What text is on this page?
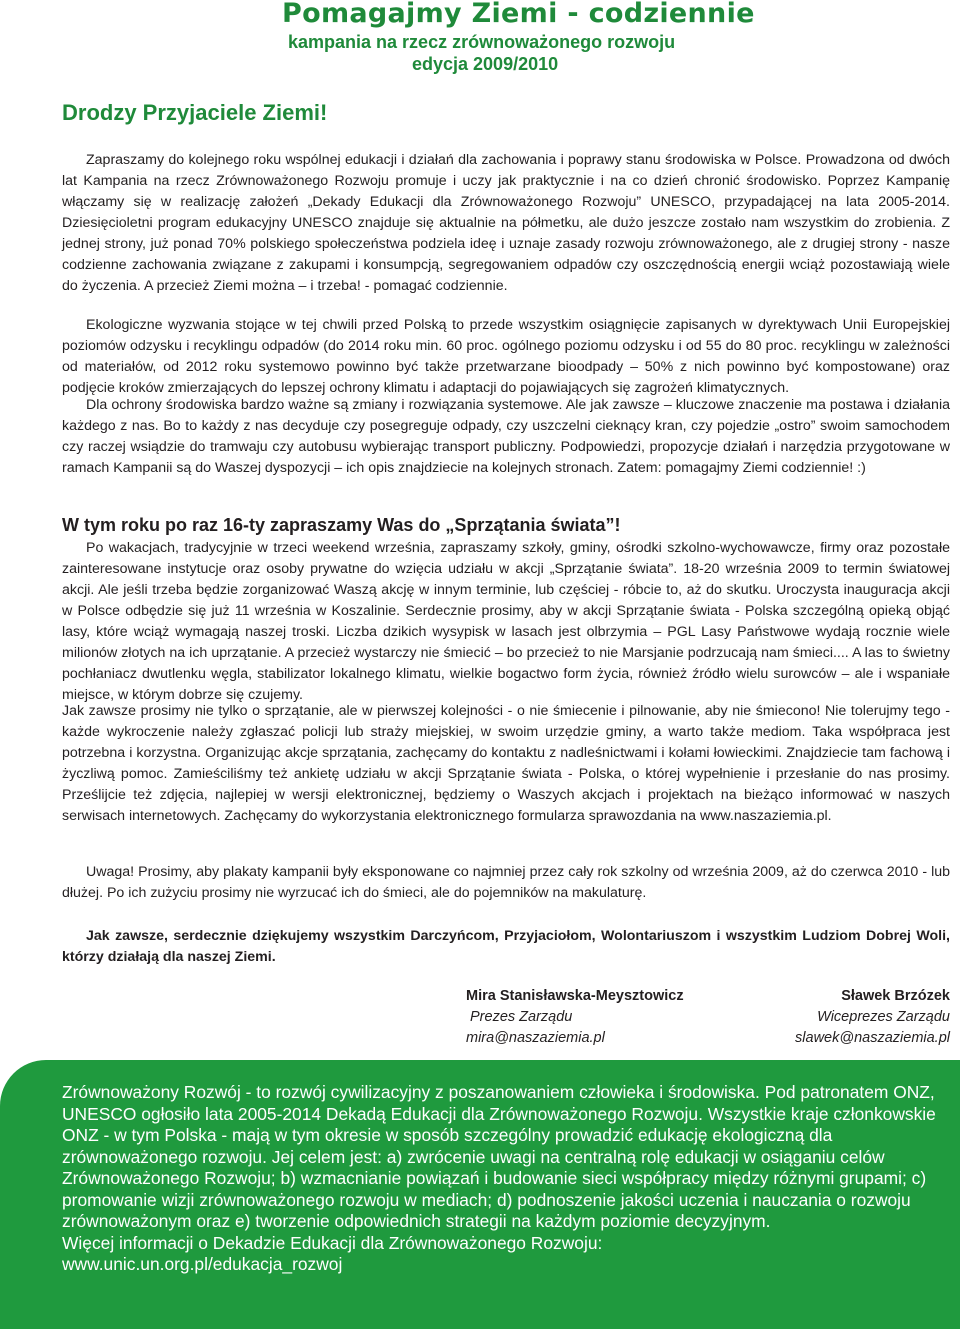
Pomagajmy Ziemi - codziennie
kampania na rzecz zrównoważonego rozwoju
edycja 2009/2010
Drodzy Przyjaciele Ziemi!

Zapraszamy do kolejnego roku wspólnej edukacji i działań dla zachowania i poprawy stanu środowiska w Polsce. Prowadzona od dwóch lat Kampania na rzecz Zrównoważonego Rozwoju promuje i uczy jak praktycznie i na co dzień chronić środowisko. Poprzez Kampanię włączamy się w realizację założeń „Dekady Edukacji dla Zrównoważonego Rozwoju” UNESCO, przypadającej na lata 2005-2014. Dziesięcioletni program edukacyjny UNESCO znajduje się aktualnie na półmetku, ale dużo jeszcze zostało nam wszystkim do zrobienia. Z jednej strony, już ponad 70% polskiego społeczeństwa podziela ideę i uznaje zasady rozwoju zrównoważonego, ale z drugiej strony - nasze codzienne zachowania związane z zakupami i konsumpcją, segregowaniem odpadów czy oszczędnością energii wciąż pozostawiają wiele do życzenia. A przecież Ziemi można – i trzeba! - pomagać codziennie.

Ekologiczne wyzwania stojące w tej chwili przed Polską to przede wszystkim osiągnięcie zapisanych w dyrektywach Unii Europejskiej poziomów odzysku i recyklingu odpadów (do 2014 roku min. 60 proc. ogólnego poziomu odzysku i od 55 do 80 proc. recyklingu w zależności od materiałów, od 2012 roku systemowo powinno być także przetwarzane bioodpady – 50% z nich powinno być kompostowane) oraz podjęcie kroków zmierzających do lepszej ochrony klimatu i adaptacji do pojawiających się zagrożeń klimatycznych.

Dla ochrony środowiska bardzo ważne są zmiany i rozwiązania systemowe. Ale jak zawsze – kluczowe znaczenie ma postawa i działania każdego z nas. Bo to każdy z nas decyduje czy posegreguje odpady, czy uszczelni cieknący kran, czy pojedzie „ostro” swoim samochodem czy raczej wsiądzie do tramwaju czy autobusu wybierając transport publiczny. Podpowiedzi, propozycje działań i narzędzia przygotowane w ramach Kampanii są do Waszej dyspozycji – ich opis znajdziecie na kolejnych stronach. Zatem: pomagajmy Ziemi codziennie! :)

W tym roku po raz 16-ty zapraszamy Was do „Sprzątania świata”!

Po wakacjach, tradycyjnie w trzeci weekend września, zapraszamy szkoły, gminy, ośrodki szkolno-wychowawcze, firmy oraz pozostałe zainteresowane instytucje oraz osoby prywatne do wzięcia udziału w akcji „Sprzątanie świata”. 18-20 września 2009 to termin światowej akcji. Ale jeśli trzeba będzie zorganizować Waszą akcję w innym terminie, lub częściej - róbcie to, aż do skutku. Uroczysta inauguracja akcji w Polsce odbędzie się już 11 września w Koszalinie. Serdecznie prosimy, aby w akcji Sprzątanie świata - Polska szczególną opieką objąć lasy, które wciąż wymagają naszej troski. Liczba dzikich wysypisk w lasach jest olbrzymia – PGL Lasy Państwowe wydają rocznie wiele milionów złotych na ich uprzątanie. A przecież wystarczy nie śmiecić – bo przecież to nie Marsjanie podrzucają nam śmieci.... A las to świetny pochłaniacz dwutlenku węgla, stabilizator lokalnego klimatu, wielkie bogactwo form życia, również źródło wielu surowców – ale i wspaniałe miejsce, w którym dobrze się czujemy.

Jak zawsze prosimy nie tylko o sprzątanie, ale w pierwszej kolejności - o nie śmiecenie i pilnowanie, aby nie śmiecono! Nie tolerujmy tego - każde wykroczenie należy zgłaszać policji lub straży miejskiej, w swoim urzędzie gminy, a warto także mediom. Taka współpraca jest potrzebna i korzystna. Organizując akcje sprzątania, zachęcamy do kontaktu z nadleśnictwami i kołami łowieckimi. Znajdziecie tam fachową i życzliwą pomoc. Zamieściliśmy też ankietę udziału w akcji Sprzątanie świata - Polska, o której wypełnienie i przesłanie do nas prosimy. Prześlijcie też zdjęcia, najlepiej w wersji elektronicznej, będziemy o Waszych akcjach i projektach na bieżąco informować w naszych serwisach internetowych. Zachęcamy do wykorzystania elektronicznego formularza sprawozdania na www.naszaziemia.pl.

Uwaga! Prosimy, aby plakaty kampanii były eksponowane co najmniej przez cały rok szkolny od września 2009, aż do czerwca 2010 - lub dłużej. Po ich zużyciu prosimy nie wyrzucać ich do śmieci, ale do pojemników na makulaturę.

Jak zawsze, serdecznie dziękujemy wszystkim Darczyńcom, Przyjaciołom, Wolontariuszom i wszystkim Ludziom Dobrej Woli, którzy działają dla naszej Ziemi.

Mira Stanisławska-Meysztowicz
Prezes Zarządu
mira@naszaziemia.pl
Sławek Brzózek
Wiceprezes Zarządu
slawek@naszaziemia.pl
Zrównoważony Rozwój - to rozwój cywilizacyjny z poszanowaniem człowieka i środowiska. Pod patronatem ONZ, UNESCO ogłosiło lata 2005-2014 Dekadą Edukacji dla Zrównoważonego Rozwoju. Wszystkie kraje członkowskie ONZ - w tym Polska - mają w tym okresie w sposób szczególny prowadzić edukację ekologiczną dla zrównoważonego rozwoju. Jej celem jest: a) zwrócenie uwagi na centralną rolę edukacji w osiąganiu celów Zrównoważonego Rozwoju; b) wzmacnianie powiązań i budowanie sieci współpracy między różnymi grupami; c) promowanie wizji zrównoważonego rozwoju w mediach; d) podnoszenie jakości uczenia i nauczania o rozwoju zrównoważonym oraz e) tworzenie odpowiednich strategii na każdym poziomie decyzyjnym.
Więcej informacji o Dekadzie Edukacji dla Zrównoważonego Rozwoju:
www.unic.un.org.pl/edukacja_rozwoj
